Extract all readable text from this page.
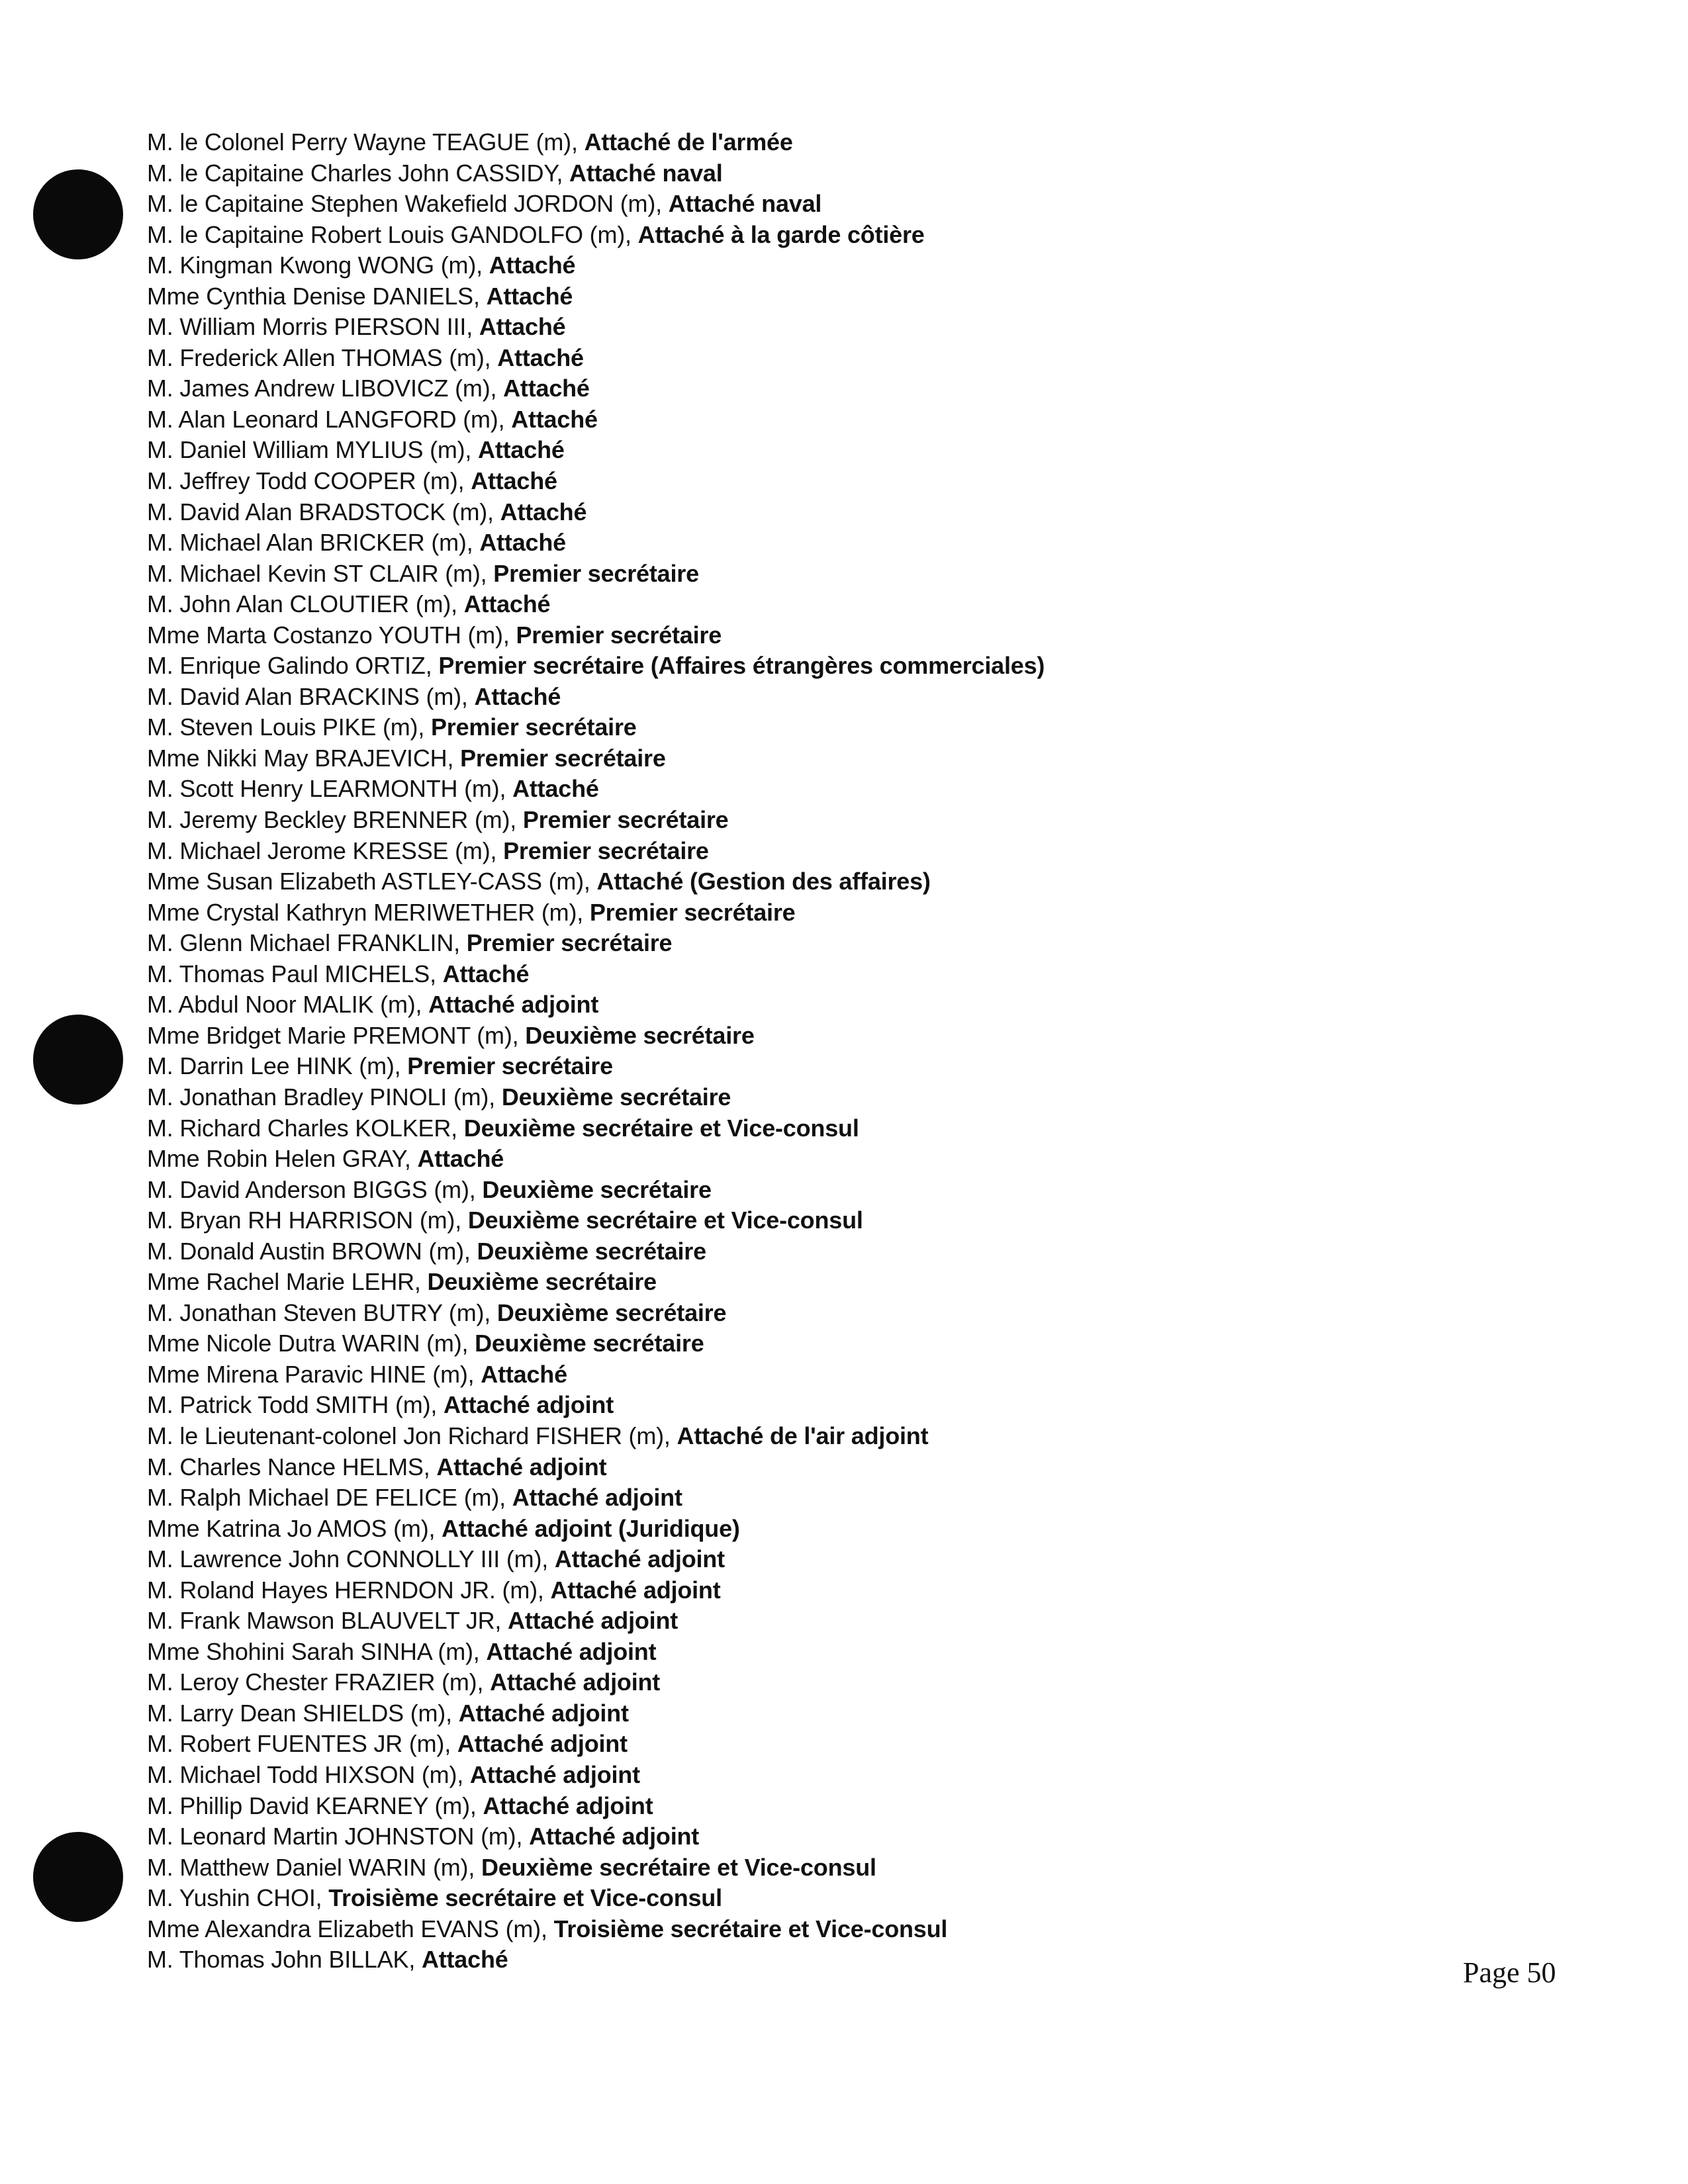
M. le Colonel Perry Wayne TEAGUE (m), Attaché de l'armée
M. le Capitaine Charles John CASSIDY, Attaché naval
M. le Capitaine Stephen Wakefield JORDON (m), Attaché naval
M. le Capitaine Robert Louis GANDOLFO (m), Attaché à la garde côtière
M. Kingman Kwong WONG (m), Attaché
Mme Cynthia Denise DANIELS, Attaché
M. William Morris PIERSON III, Attaché
M. Frederick Allen THOMAS (m), Attaché
M. James Andrew LIBOVICZ (m), Attaché
M. Alan Leonard LANGFORD (m), Attaché
M. Daniel William MYLIUS (m), Attaché
M. Jeffrey Todd COOPER (m), Attaché
M. David Alan BRADSTOCK (m), Attaché
M. Michael Alan BRICKER (m), Attaché
M. Michael Kevin ST CLAIR (m), Premier secrétaire
M. John Alan CLOUTIER (m), Attaché
Mme Marta Costanzo YOUTH (m), Premier secrétaire
M. Enrique Galindo ORTIZ, Premier secrétaire (Affaires étrangères commerciales)
M. David Alan BRACKINS (m), Attaché
M. Steven Louis PIKE (m), Premier secrétaire
Mme Nikki May BRAJEVICH, Premier secrétaire
M. Scott Henry LEARMONTH (m), Attaché
M. Jeremy Beckley BRENNER (m), Premier secrétaire
M. Michael Jerome KRESSE (m), Premier secrétaire
Mme Susan Elizabeth ASTLEY-CASS (m), Attaché (Gestion des affaires)
Mme Crystal Kathryn MERIWETHER (m), Premier secrétaire
M. Glenn Michael FRANKLIN, Premier secrétaire
M. Thomas Paul MICHELS, Attaché
M. Abdul Noor MALIK (m), Attaché adjoint
Mme Bridget Marie PREMONT (m), Deuxième secrétaire
M. Darrin Lee HINK (m), Premier secrétaire
M. Jonathan Bradley PINOLI (m), Deuxième secrétaire
M. Richard Charles KOLKER, Deuxième secrétaire et Vice-consul
Mme Robin Helen GRAY, Attaché
M. David Anderson BIGGS (m), Deuxième secrétaire
M. Bryan RH HARRISON (m), Deuxième secrétaire et Vice-consul
M. Donald Austin BROWN (m), Deuxième secrétaire
Mme Rachel Marie LEHR, Deuxième secrétaire
M. Jonathan Steven BUTRY (m), Deuxième secrétaire
Mme Nicole Dutra WARIN (m), Deuxième secrétaire
Mme Mirena Paravic HINE (m), Attaché
M. Patrick Todd SMITH (m), Attaché adjoint
M. le Lieutenant-colonel Jon Richard FISHER (m), Attaché de l'air adjoint
M. Charles Nance HELMS, Attaché adjoint
M. Ralph Michael DE FELICE (m), Attaché adjoint
Mme Katrina Jo AMOS (m), Attaché adjoint (Juridique)
M. Lawrence John CONNOLLY III (m), Attaché adjoint
M. Roland Hayes HERNDON JR. (m), Attaché adjoint
M. Frank Mawson BLAUVELT JR, Attaché adjoint
Mme Shohini Sarah SINHA (m), Attaché adjoint
M. Leroy Chester FRAZIER (m), Attaché adjoint
M. Larry Dean SHIELDS (m), Attaché adjoint
M. Robert FUENTES JR (m), Attaché adjoint
M. Michael Todd HIXSON (m), Attaché adjoint
M. Phillip David KEARNEY (m), Attaché adjoint
M. Leonard Martin JOHNSTON (m), Attaché adjoint
M. Matthew Daniel WARIN (m), Deuxième secrétaire et Vice-consul
M. Yushin CHOI, Troisième secrétaire et Vice-consul
Mme Alexandra Elizabeth EVANS (m), Troisième secrétaire et Vice-consul
M. Thomas John BILLAK, Attaché	Page 50
